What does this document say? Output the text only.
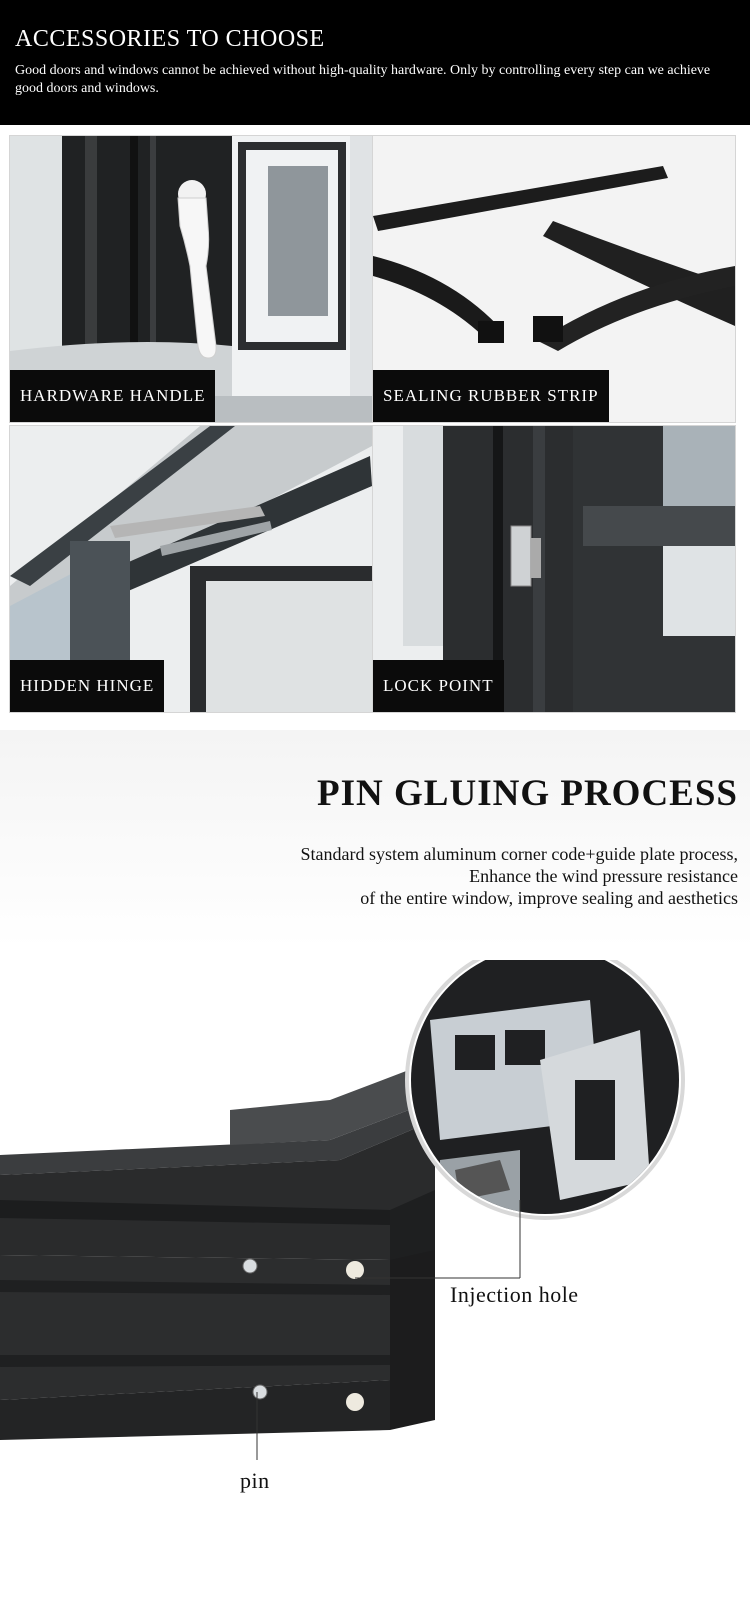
ACCESSORIES TO CHOOSE
Good doors and windows cannot be achieved without high-quality hardware. Only by controlling every step can we achieve good doors and windows.
HARDWARE HANDLE	SEALING RUBBER STRIP
HIDDEN HINGE	LOCK POINT
PIN GLUING PROCESS
Standard system aluminum corner code+guide plate process,
Enhance the wind pressure resistance
of the entire window, improve sealing and aesthetics
Injection hole
pin
